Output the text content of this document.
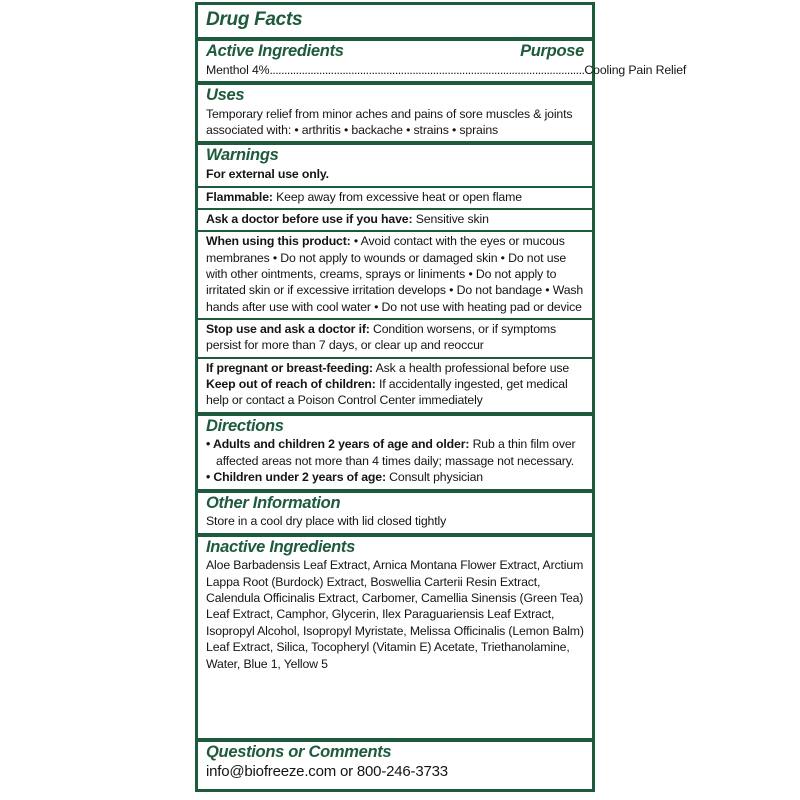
Drug Facts
Active Ingredients	Purpose
Menthol 4% ............................................................................................................ Cooling Pain Relief
Uses

Temporary relief from minor aches and pains of sore muscles & joints associated with: • arthritis • backache • strains • sprains

Warnings

For external use only.

Flammable: Keep away from excessive heat or open flame

Ask a doctor before use if you have: Sensitive skin

When using this product: • Avoid contact with the eyes or mucous membranes • Do not apply to wounds or damaged skin • Do not use with other ointments, creams, sprays or liniments • Do not apply to irritated skin or if excessive irritation develops • Do not bandage • Wash hands after use with cool water • Do not use with heating pad or device

Stop use and ask a doctor if: Condition worsens, or if symptoms persist for more than 7 days, or clear up and reoccur

If pregnant or breast-feeding: Ask a health professional before use

Keep out of reach of children: If accidentally ingested, get medical help or contact a Poison Control Center immediately

Directions

• Adults and children 2 years of age and older: Rub a thin film over affected areas not more than 4 times daily; massage not necessary.

• Children under 2 years of age: Consult physician

Other Information

Store in a cool dry place with lid closed tightly

Inactive Ingredients

Aloe Barbadensis Leaf Extract, Arnica Montana Flower Extract, Arctium Lappa Root (Burdock) Extract, Boswellia Carterii Resin Extract, Calendula Officinalis Extract, Carbomer, Camellia Sinensis (Green Tea) Leaf Extract, Camphor, Glycerin, Ilex Paraguariensis Leaf Extract, Isopropyl Alcohol, Isopropyl Myristate, Melissa Officinalis (Lemon Balm) Leaf Extract, Silica, Tocopheryl (Vitamin E) Acetate, Triethanolamine, Water, Blue 1, Yellow 5

Questions or Comments
info@biofreeze.com or 800-246-3733
